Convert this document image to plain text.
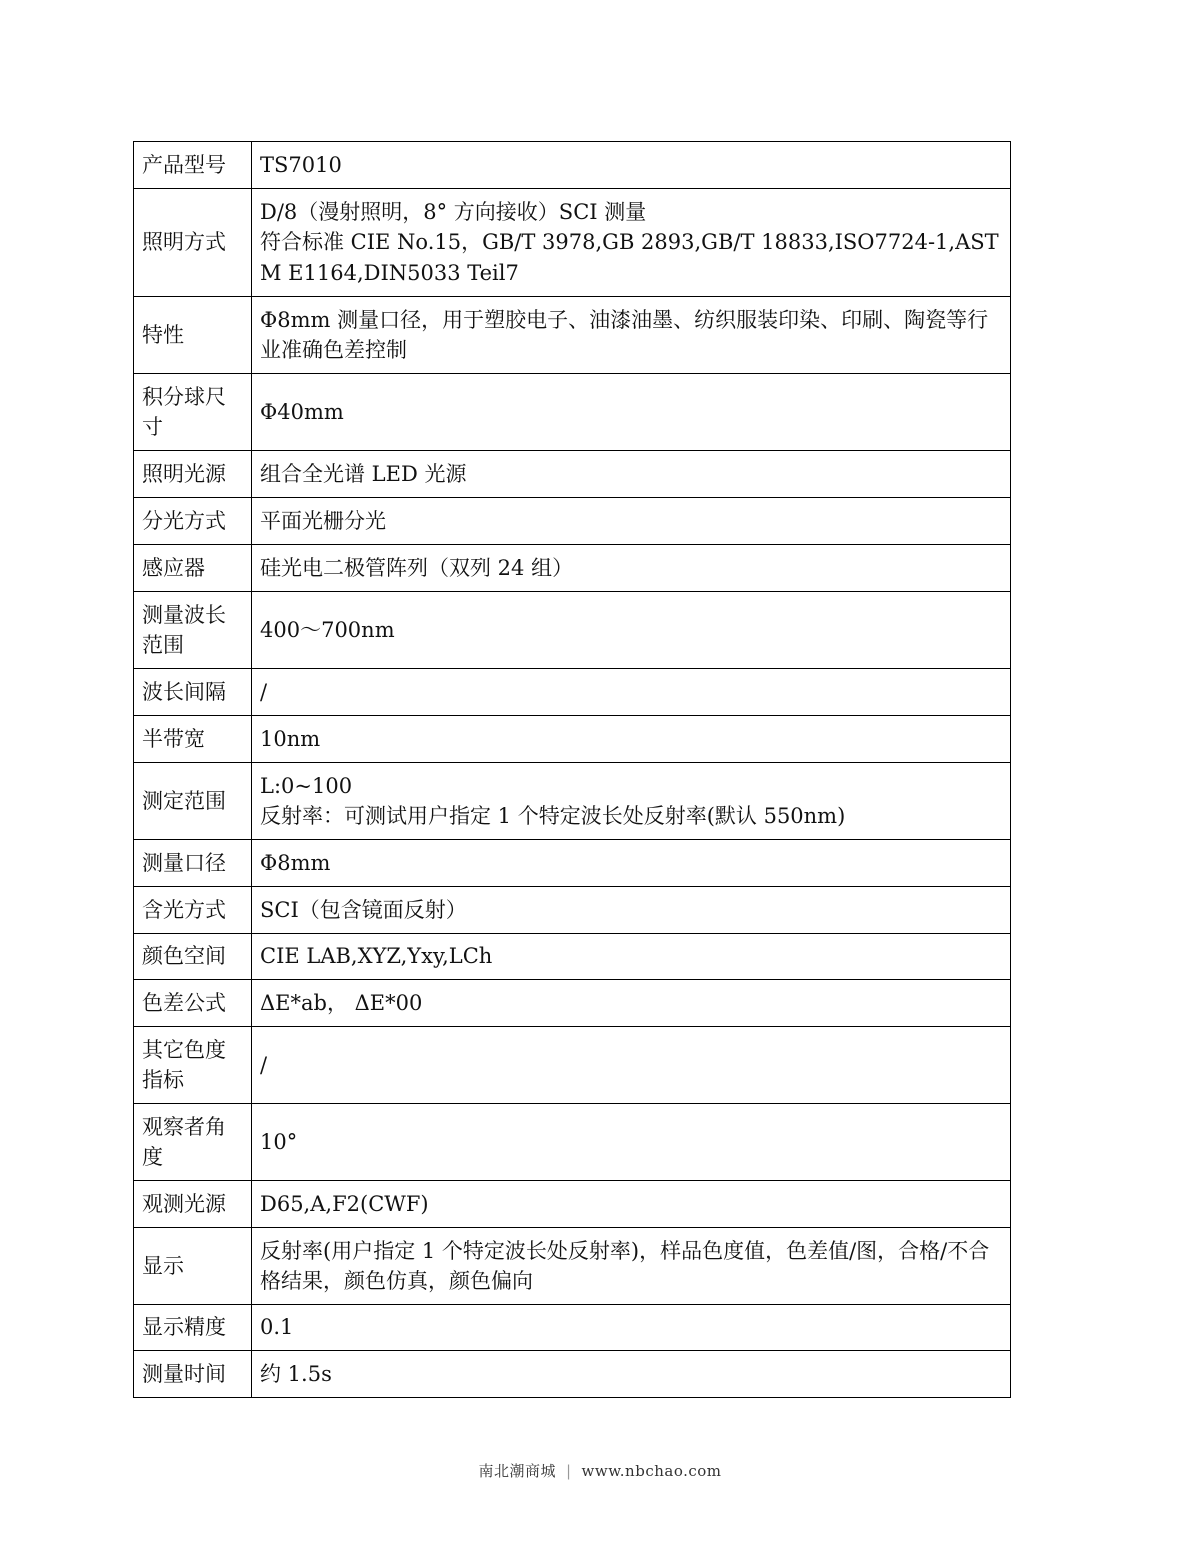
产品型号	TS7010

照明方式	D/8（漫射照明，8° 方向接收）SCI 测量
符合标准 CIE No.15，GB/T 3978,GB 2893,GB/T 18833,ISO7724-1,ASTM E1164,DIN5033 Teil7

特性	Φ8mm 测量口径，用于塑胶电子、油漆油墨、纺织服装印染、印刷、陶瓷等行业准确色差控制

积分球尺寸	Φ40mm

照明光源	组合全光谱 LED 光源

分光方式	平面光栅分光

感应器	硅光电二极管阵列（双列 24 组）

测量波长范围	400～700nm

波长间隔	/

半带宽	10nm

测定范围	L:0~100
反射率：可测试用户指定 1 个特定波长处反射率(默认 550nm)

测量口径	Φ8mm

含光方式	SCI（包含镜面反射）

颜色空间	CIE LAB,XYZ,Yxy,LCh

色差公式	ΔE*ab， ΔE*00

其它色度指标	/

观察者角度	10°

观测光源	D65,A,F2(CWF)

显示	反射率(用户指定 1 个特定波长处反射率)，样品色度值，色差值/图，合格/不合格结果，颜色仿真，颜色偏向

显示精度	0.1

测量时间	约 1.5s
南北潮商城 | www.nbchao.com
